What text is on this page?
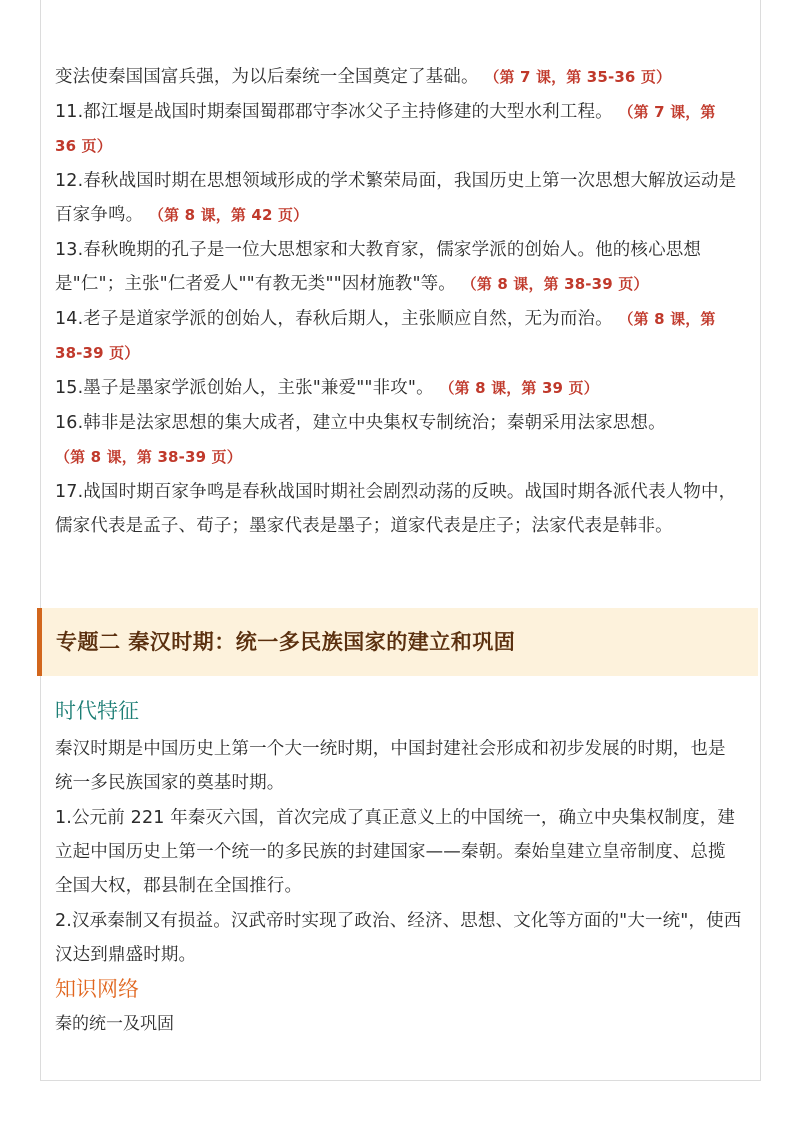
变法使秦国国富兵强，为以后秦统一全国奠定了基础。 （第 7 课，第 35-36 页）

11.都江堰是战国时期秦国蜀郡郡守李冰父子主持修建的大型水利工程。 （第 7 课，第 36 页）

12.春秋战国时期在思想领域形成的学术繁荣局面，我国历史上第一次思想大解放运动是百家争鸣。 （第 8 课，第 42 页）

13.春秋晚期的孔子是一位大思想家和大教育家，儒家学派的创始人。他的核心思想是"仁"；主张"仁者爱人""有教无类""因材施教"等。 （第 8 课，第 38-39 页）

14.老子是道家学派的创始人，春秋后期人，主张顺应自然，无为而治。 （第 8 课，第 38-39 页）

15.墨子是墨家学派创始人，主张"兼爱""非攻"。 （第 8 课，第 39 页）

16.韩非是法家思想的集大成者，建立中央集权专制统治；秦朝采用法家思想。 （第 8 课，第 38-39 页）

17.战国时期百家争鸣是春秋战国时期社会剧烈动荡的反映。战国时期各派代表人物中，儒家代表是孟子、荀子；墨家代表是墨子；道家代表是庄子；法家代表是韩非。

专题二 秦汉时期：统一多民族国家的建立和巩固
时代特征

秦汉时期是中国历史上第一个大一统时期，中国封建社会形成和初步发展的时期，也是统一多民族国家的奠基时期。

1.公元前 221 年秦灭六国，首次完成了真正意义上的中国统一，确立中央集权制度，建立起中国历史上第一个统一的多民族的封建国家——秦朝。秦始皇建立皇帝制度、总揽全国大权，郡县制在全国推行。

2.汉承秦制又有损益。汉武帝时实现了政治、经济、思想、文化等方面的"大一统"，使西汉达到鼎盛时期。

知识网络

秦的统一及巩固
